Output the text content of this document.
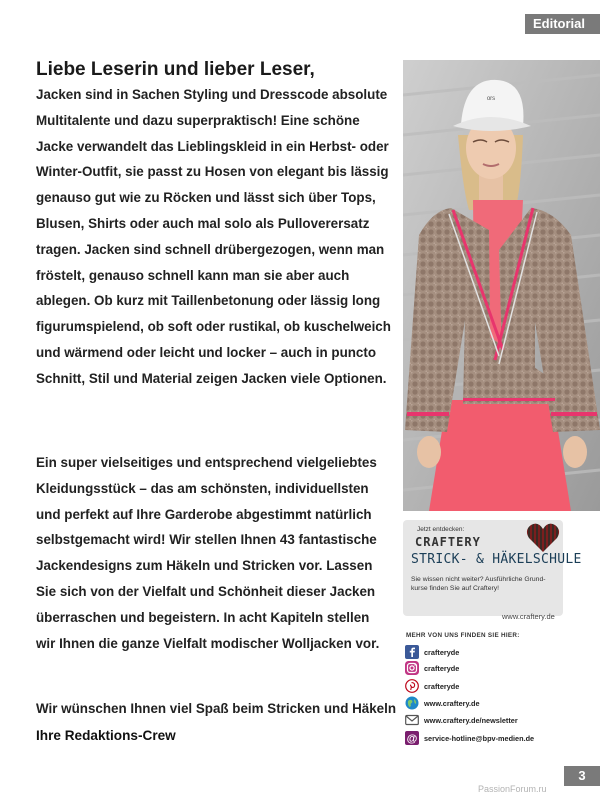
Editorial
Liebe Leserin und lieber Leser,
Jacken sind in Sachen Styling und Dresscode absolute
Multitalente und dazu superpraktisch! Eine schöne
Jacke verwandelt das Lieblingskleid in ein Herbst- oder
Winter-Outfit, sie passt zu Hosen von elegant bis lässig
genauso gut wie zu Röcken und lässt sich über Tops,
Blusen, Shirts oder auch mal solo als Pulloverersatz
tragen. Jacken sind schnell drübergezogen, wenn man
fröstelt, genauso schnell kann man sie aber auch
ablegen. Ob kurz mit Taillenbetonung oder lässig long
figurumspielend, ob soft oder rustikal, ob kuschelweich
und wärmend oder leicht und locker – auch in puncto
Schnitt, Stil und Material zeigen Jacken viele Optionen.
Ein super vielseitiges und entsprechend vielgeliebtes
Kleidungsstück – das am schönsten, individuellsten
und perfekt auf Ihre Garderobe abgestimmt natürlich
selbstgemacht wird! Wir stellen Ihnen 43 fantastische
Jackendesigns zum Häkeln und Stricken vor. Lassen
Sie sich von der Vielfalt und Schönheit dieser Jacken
überraschen und begeistern. In acht Kapiteln stellen
wir Ihnen die ganze Vielfalt modischer Wolljacken vor.
Wir wünschen Ihnen viel Spaß beim Stricken und Häkeln
Ihre Redaktions-Crew
ors
Jetzt entdecken:
CRAFTERY
STRICK- & HÄKELSCHULE
Sie wissen nicht weiter? Ausführliche Grund-
kurse finden Sie auf Craftery!
www.craftery.de
MEHR VON UNS FINDEN SIE HIER:
crafteryde
crafteryde
crafteryde
www.craftery.de
www.craftery.de/newsletter
@ service-hotline@bpv-medien.de
3
PassionForum.ru
